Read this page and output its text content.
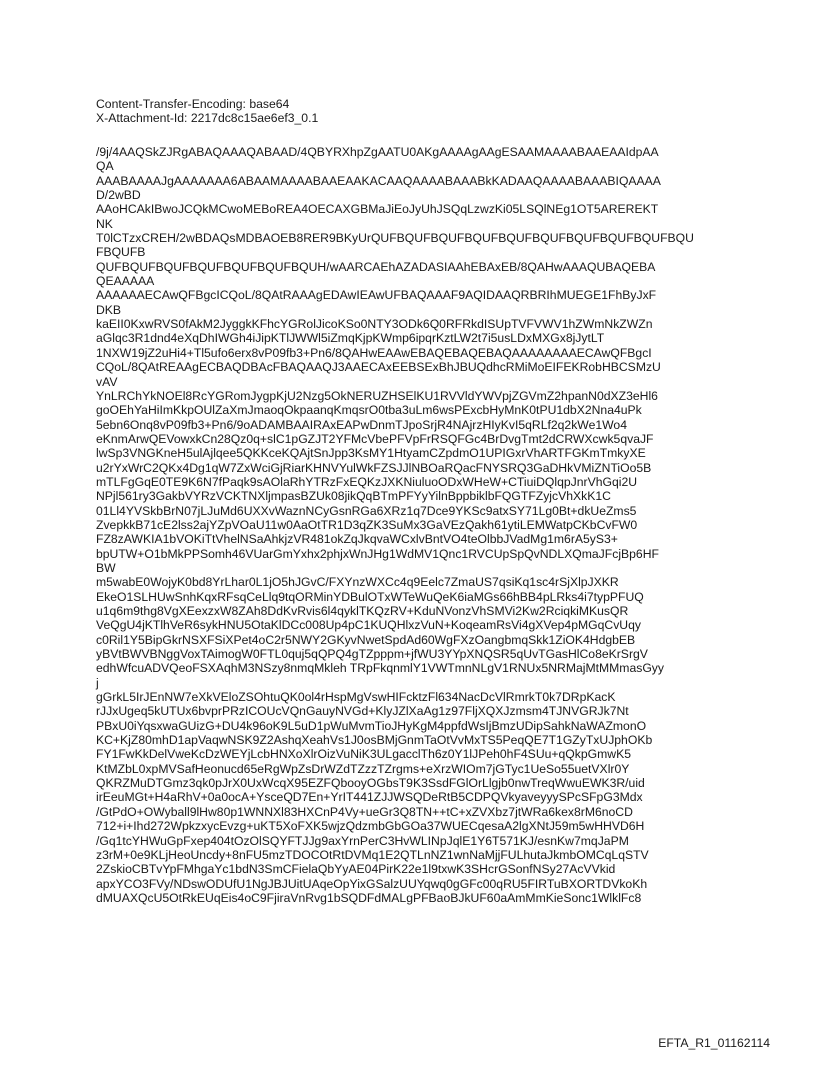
Content-Transfer-Encoding: base64
X-Attachment-Id: 2217dc8c15ae6ef3_0.1
/9j/4AAQSkZJRgABAQAAAQABAAD/4QBYRXhpZgAATU0AKgAAAAgAAgESAAMAAAABAAEAAIdpAA
QA
AAABAAAAJgAAAAAAA6ABAAMAAAABAAEAAKACAAQAAAABAAABkKADAAQAAAABAAABIQAAAA
D/2wBD
AAoHCAkIBwoJCQkMCwoMEBoREA4OECAXGBMaJiEoJyUhJSQqLzwzKi05LSQlNEg1OT5AREREKT
NK
T0lCTzxCREH/2wBDAQsMDBAOEB8RER9BKyUrQUFBQUFBQUFBQUFBQUFBQUFBQUFBQUFBQUFBQU
FBQUFB
QUFBQUFBQUFBQUFBQUFBQUFBQUH/wAARCAEhAZADASIAAhEBAxEB/8QAHwAAAQUBAQEBA
QEAAAAA
AAAAAAECAwQFBgcICQoL/8QAtRAAAgEDAwIEAwUFBAQAAAF9AQIDAAQRBRIhMUEGE1FhByJxF
DKB
kaEII0KxwRVS0fAkM2JyggkKFhcYGRolJicoKSo0NTY3ODk6Q0RFRkdISUpTVFVWV1hZWmNkZWZn
aGlqc3R1dnd4eXqDhIWGh4iJipKTlJWWl5iZmqKjpKWmp6ipqrKztLW2t7i5usLDxMXGx8jJytLT
1NXW19jZ2uHi4+Tl5ufo6erx8vP09fb3+Pn6/8QAHwEAAwEBAQEBAQEBAQAAAAAAAAECAwQFBgcI
CQoL/8QAtREAAgECBAQDBAcFBAQAAQJ3AAECAxEEBSExBhJBUQdhcRMiMoEIFEKRobHBCSMzU
vAV
YnLRChYkNOEl8RcYGRomJygpKjU2Nzg5OkNERUZHSElKU1RVVldYWVpjZGVmZ2hpanN0dXZ3eHl6
goOEhYaHiImKkpOUlZaXmJmaoqOkpaanqKmqsrO0tba3uLm6wsPExcbHyMnK0tPU1dbX2Nna4uPk
5ebn6Onq8vP09fb3+Pn6/9oADAMBAAIRAxEAPwDnmTJpoSrjR4NAjrzHIyKvI5qRLf2q2kWe1Wo4
eKnmArwQEVowxkCn28Qz0q+slC1pGZJT2YFMcVbePFVpFrRSQFGc4BrDvgTmt2dCRWXcwk5qvaJF
lwSp3VNGKneH5ulAjlqee5QKKceKQAjtSnJpp3KsMY1HtyamCZpdmO1UPIGxrVhARTFGKmTmkyXE
u2rYxWrC2QKx4Dg1qW7ZxWciGjRiarKHNVYulWkFZSJJlNBOaRQacFNYSRQ3GaDHkVMiZNTiOo5B
mTLFgGqE0TE9K6N7fPaqk9sAOlaRhYTRzFxEQKzJXKNiuluoODxWHeW+CTiuiDQlqpJnrVhGqi2U
NPjl561ry3GakbVYRzVCKTNXljmpasBZUk08jikQqBTmPFYyYilnBppbiklbFQGTFZyjcVhXkK1C
01Ll4YVSkbBrN07jLJuMd6UXXvWaznNCyGsnRGa6XRz1q7Dce9YKSc9atxSY71Lg0Bt+dkUeZms5
ZvepkkB71cE2lss2ajYZpVOaU11w0AaOtTR1D3qZK3SuMx3GaVEzQakh61ytiLEMWatpCKbCvFW0
FZ8zAWKIA1bVOKiTtVhelNSaAhkjzVR481okZqJkqvaWCxlvBntVO4teOlbbJVadMg1m6rA5yS3+
bpUTW+O1bMkPPSomh46VUarGmYxhx2phjxWnJHg1WdMV1Qnc1RVCUpSpQvNDLXQmaJFcjBp6HF
BW
m5wabE0WojyK0bd8YrLhar0L1jO5hJGvC/FXYnzWXCc4q9Eelc7ZmaUS7qsiKq1sc4rSjXlpJXKR
EkeO1SLHUwSnhKqxRFsqCeLlq9tqORMinYDBulOTxWTeWuQeK6iaMGs66hBB4pLRks4i7typPFUQ
u1q6m9thg8VgXEexzxW8ZAh8DdKvRvis6l4qyklTKQzRV+KduNVonzVhSMVi2Kw2RciqkiMKusQR
VeQgU4jKTlhVeR6sykHNU5OtaKlDCc008Up4pC1KUQHlxzVuN+KoqeamRsVi4gXVep4pMGqCvUqy
c0Ril1Y5BipGkrNSXFSiXPet4oC2r5NWY2GKyvNwetSpdAd60WgFXzOangbmqSkk1ZiOK4HdgbEB
yBVtBWVBNggVoxTAimogW0FTL0quj5qQPQ4gTZpppm+jfWU3YYpXNQSR5qUvTGasHlCo8eKrSrgV
edhWfcuADVQeoFSXAqhM3NSzy8nmqMkleh TRpFkqnmlY1VWTmnNLgV1RNUx5NRMajMtMMmasGyy
j
gGrkL5IrJEnNW7eXkVEloZSOhtuQK0ol4rHspMgVswHIFcktzFl634NacDcVlRmrkT0k7DRpKacK
rJJxUgeq5kUTUx6bvprPRzICOUcVQnGauyNVGd+KlyJZlXaAg1z97FljXQXJzmsm4TJNVGRJk7Nt
PBxU0iYqsxwaGUizG+DU4k96oK9L5uD1pWuMvmTioJHyKgM4ppfdWsIjBmzUDipSahkNaWAZmonO
KC+KjZ80mhD1apVaqwNSK9Z2AshqXeahVs1J0osBMjGnmTaOtVvMxTS5PeqQE7T1GZyTxUJphOKb
FY1FwKkDelVweKcDzWEYjLcbHNXoXlrOizVuNiK3ULgacclTh6z0Y1lJPeh0hF4SUu+qQkpGmwK5
KtMZbL0xpMVSafHeonucd65eRgWpZsDrWZdTZzzTZrgms+eXrzWIOm7jGTyc1UeSo55uetVXlr0Y
QKRZMuDTGmz3qk0pJrX0UxWcqX95EZFQbooyOGbsT9K3SsdFGlOrLlgjb0nwTreqWwuEWK3R/uid
irEeuMGt+H4aRhV+0a0ocA+YsceQD7En+YrIT441ZJJWSQDeRtB5CDPQVkyaveyyySPcSFpG3Mdx
/GtPdO+OWyball9lHw80p1WNNXl83HXCnP4Vy+ueGr3Q8TN++tC+xZVXbz7jtWRa6kex8rM6noCD
712+i+Ihd272WpkzxycEvzg+uKT5XoFXK5wjzQdzmbGbGOa37WUECqesaA2lgXNtJ59m5wHHVD6H
/Gq1tcYHWuGpFxep404tOzOlSQYFTJJg9axYrnPerC3HvWLINpJqlE1Y6T571KJ/esnKw7mqJaPM
z3rM+0e9KLjHeoUncdy+8nFU5mzTDOCOtRtDVMq1E2QTLnNZ1wnNaMjjFULhutaJkmbOMCqLqSTV
2ZskioCBTvYpFMhgaYc1bdN3SmCFielaQbYyAE04PirK22e1l9txwK3SHcrGSonfNSy27AcVVkid
apxYCO3FVy/NDswODUfU1NgJBJUitUAqeOpYixGSalzUUYqwq0gGFc00qRU5FIRTuBXORTDVkoKh
dMUAXQcU5OtRkEUqEis4oC9FjiraVnRvg1bSQDFdMALgPFBaoBJkUF60aAmMmKieSonc1WlklFc8
EFTA_R1_01162114
